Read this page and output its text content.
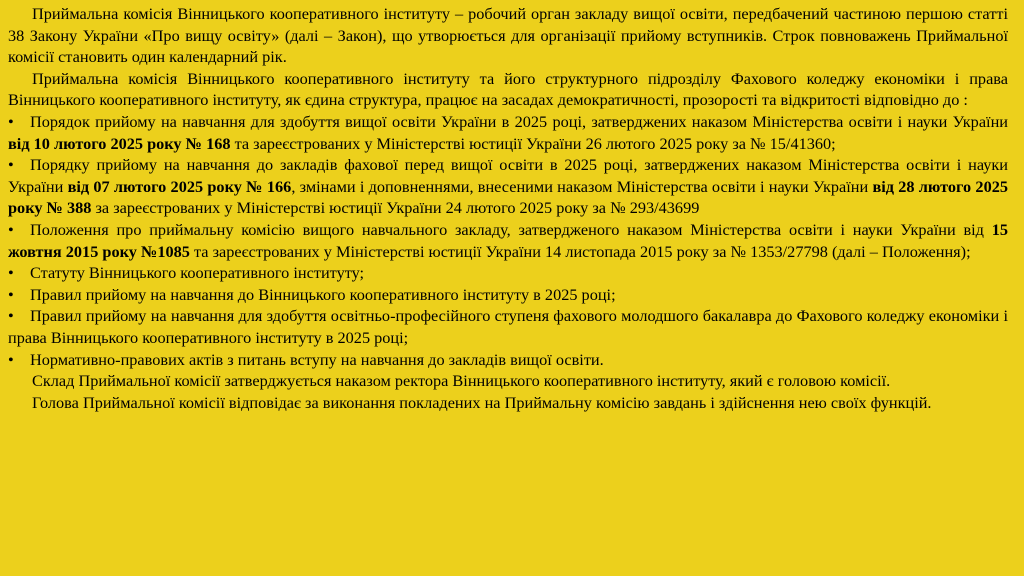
Приймальна комісія Вінницького кооперативного інституту – робочий орган закладу вищої освіти, передбачений частиною першою статті 38 Закону України «Про вищу освіту» (далі – Закон), що утворюється для організації прийому вступників. Строк повноважень Приймальної комісії становить один календарний рік.

Приймальна комісія Вінницького кооперативного інституту та його структурного підрозділу Фахового коледжу економіки і права Вінницького кооперативного інституту, як єдина структура, працює на засадах демократичності, прозорості та відкритості відповідно до :

• Порядок прийому на навчання для здобуття вищої освіти України в 2025 році, затверджених наказом Міністерства освіти і науки України від 10 лютого 2025 року № 168 та зареєстрованих у Міністерстві юстиції України 26 лютого 2025 року за № 15/41360;

• Порядку прийому на навчання до закладів фахової перед вищої освіти в 2025 році, затверджених наказом Міністерства освіти і науки України від 07 лютого 2025 року № 166, змінами і доповненнями, внесеними наказом Міністерства освіти і науки України від 28 лютого 2025 року № 388 за зареєстрованих у Міністерстві юстиції України 24 лютого 2025 року за № 293/43699

• Положення про приймальну комісію вищого навчального закладу, затвердженого наказом Міністерства освіти і науки України від 15 жовтня 2015 року №1085 та зареєстрованих у Міністерстві юстиції України 14 листопада 2015 року за № 1353/27798 (далі – Положення);

• Статуту Вінницького кооперативного інституту;

• Правил прийому на навчання до Вінницького кооперативного інституту в 2025 році;

• Правил прийому на навчання для здобуття освітньо-професійного ступеня фахового молодшого бакалавра до Фахового коледжу економіки і права Вінницького кооперативного інституту в 2025 році;

• Нормативно-правових актів з питань вступу на навчання до закладів вищої освіти.

Склад Приймальної комісії затверджується наказом ректора Вінницького кооперативного інституту, який є головою комісії.

Голова Приймальної комісії відповідає за виконання покладених на Приймальну комісію завдань і здійснення нею своїх функцій.
